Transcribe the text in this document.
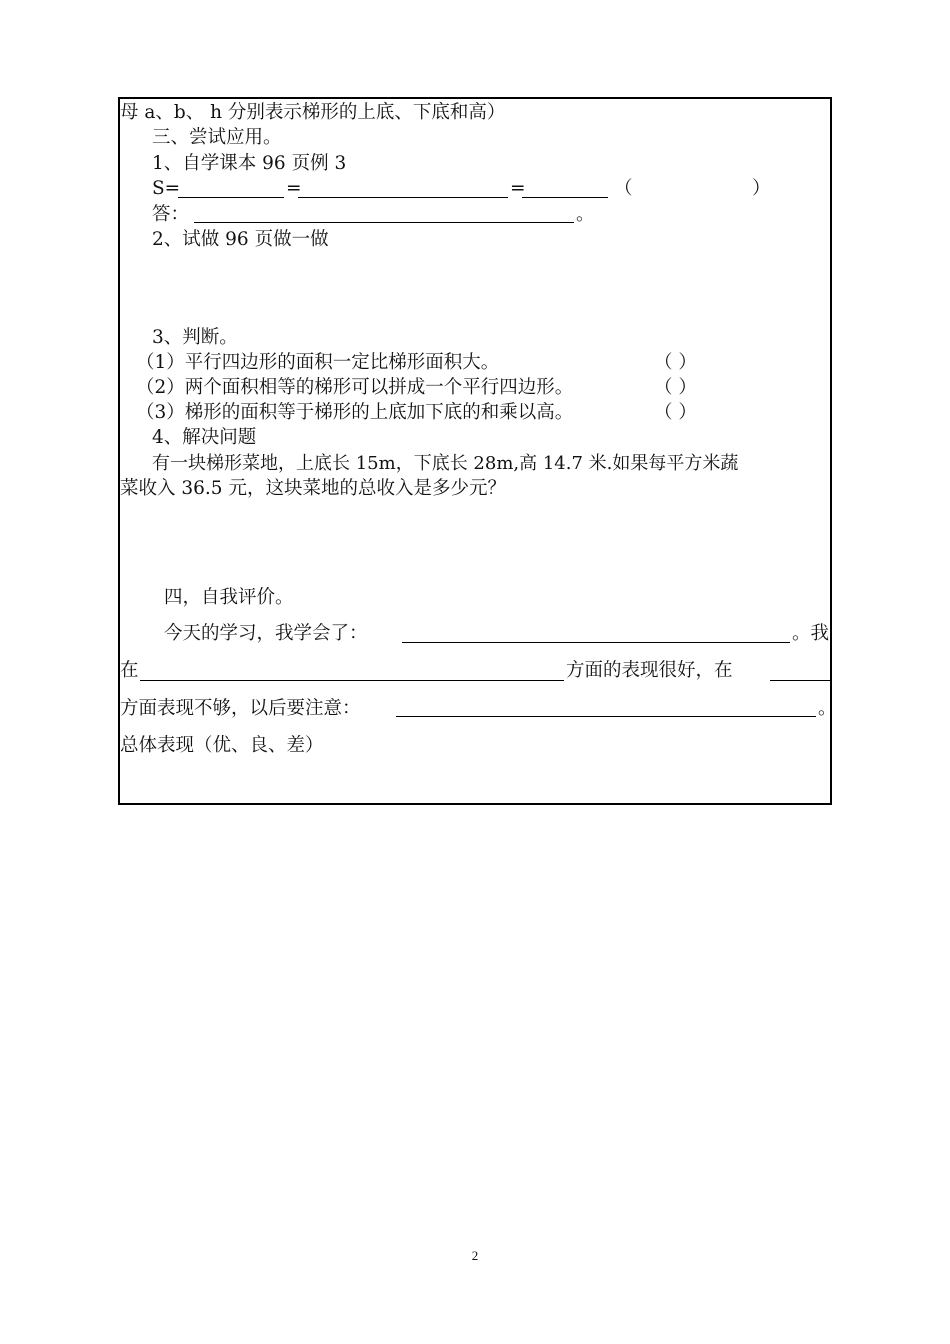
母 a、b、 h 分别表示梯形的上底、下底和高）
三、尝试应用。
1、自学课本 96 页例 3
S=	=	=	（	）
答：	。
2、试做 96 页做一做
3、判断。
（1）平行四边形的面积一定比梯形面积大。	（ ）
（2）两个面积相等的梯形可以拼成一个平行四边形。	（ ）
（3）梯形的面积等于梯形的上底加下底的和乘以高。	（ ）
4、解决问题
有一块梯形菜地，上底长 15m，下底长 28m,高 14.7 米.如果每平方米蔬
菜收入 36.5 元，这块菜地的总收入是多少元？
四，自我评价。
今天的学习，我学会了：	。我
在	方面的表现很好，在
方面表现不够，以后要注意：	。
总体表现（优、良、差）
2
